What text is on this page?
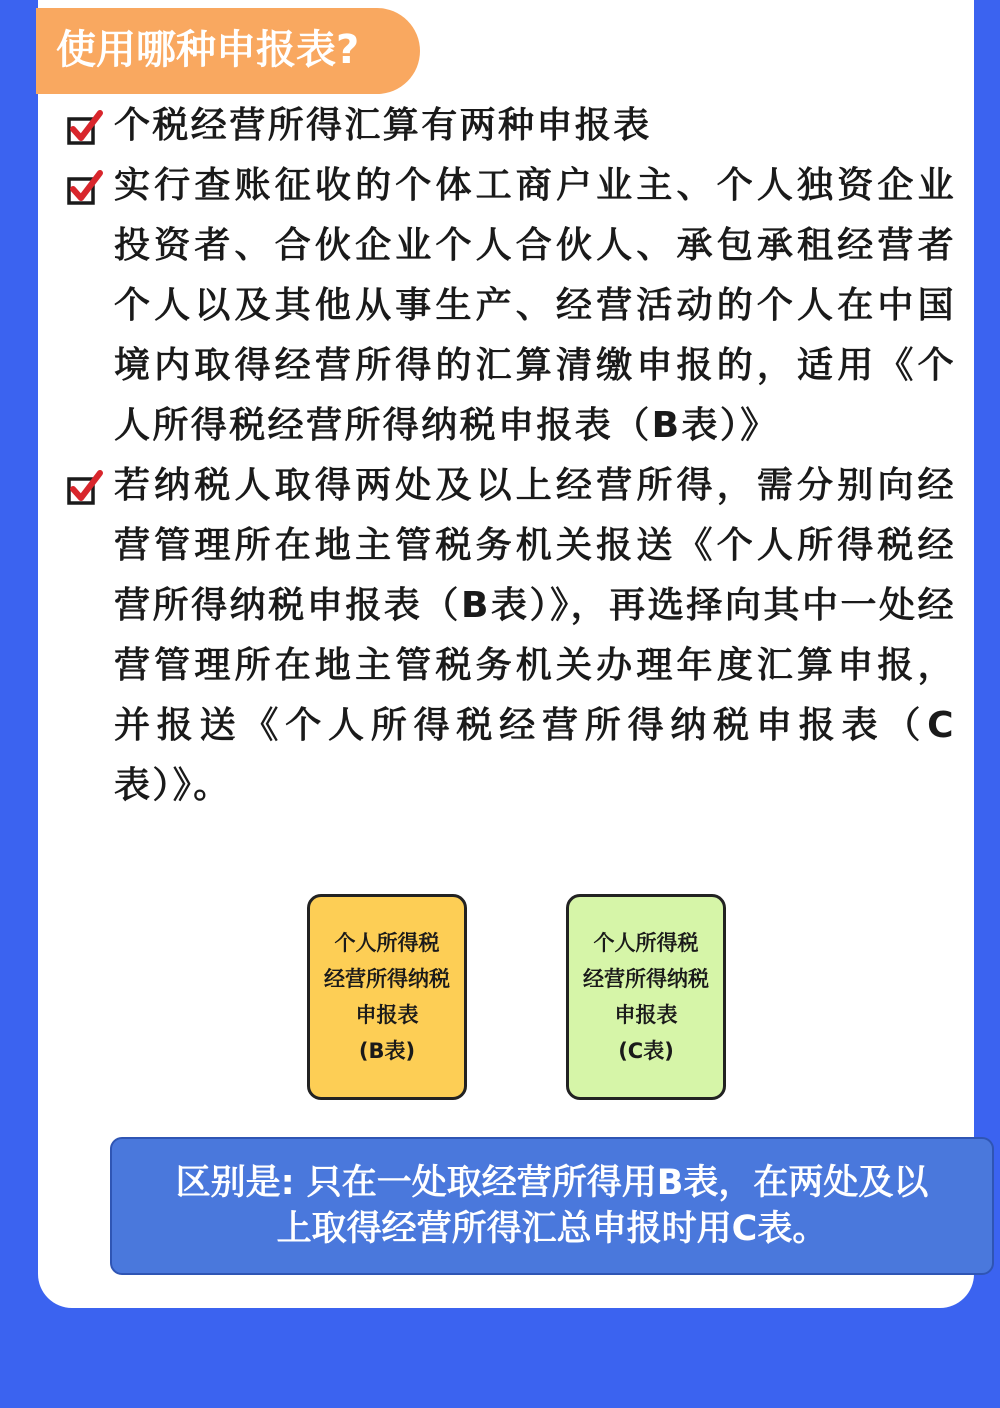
使用哪种申报表?
个税经营所得汇算有两种申报表
实行查账征收的个体工商户业主、个人独资企业投资者、合伙企业个人合伙人、承包承租经营者个人以及其他从事生产、经营活动的个人在中国境内取得经营所得的汇算清缴申报的，适用《个人所得税经营所得纳税申报表（B表）》
若纳税人取得两处及以上经营所得，需分别向经营管理所在地主管税务机关报送《个人所得税经营所得纳税申报表（B表）》，再选择向其中一处经营管理所在地主管税务机关办理年度汇算申报，并报送《个人所得税经营所得纳税申报表（C表）》。
个人所得税
经营所得纳税
申报表
(B表)
个人所得税
经营所得纳税
申报表
(C表)
区别是: 只在一处取经营所得用B表，在两处及以
上取得经营所得汇总申报时用C表。
